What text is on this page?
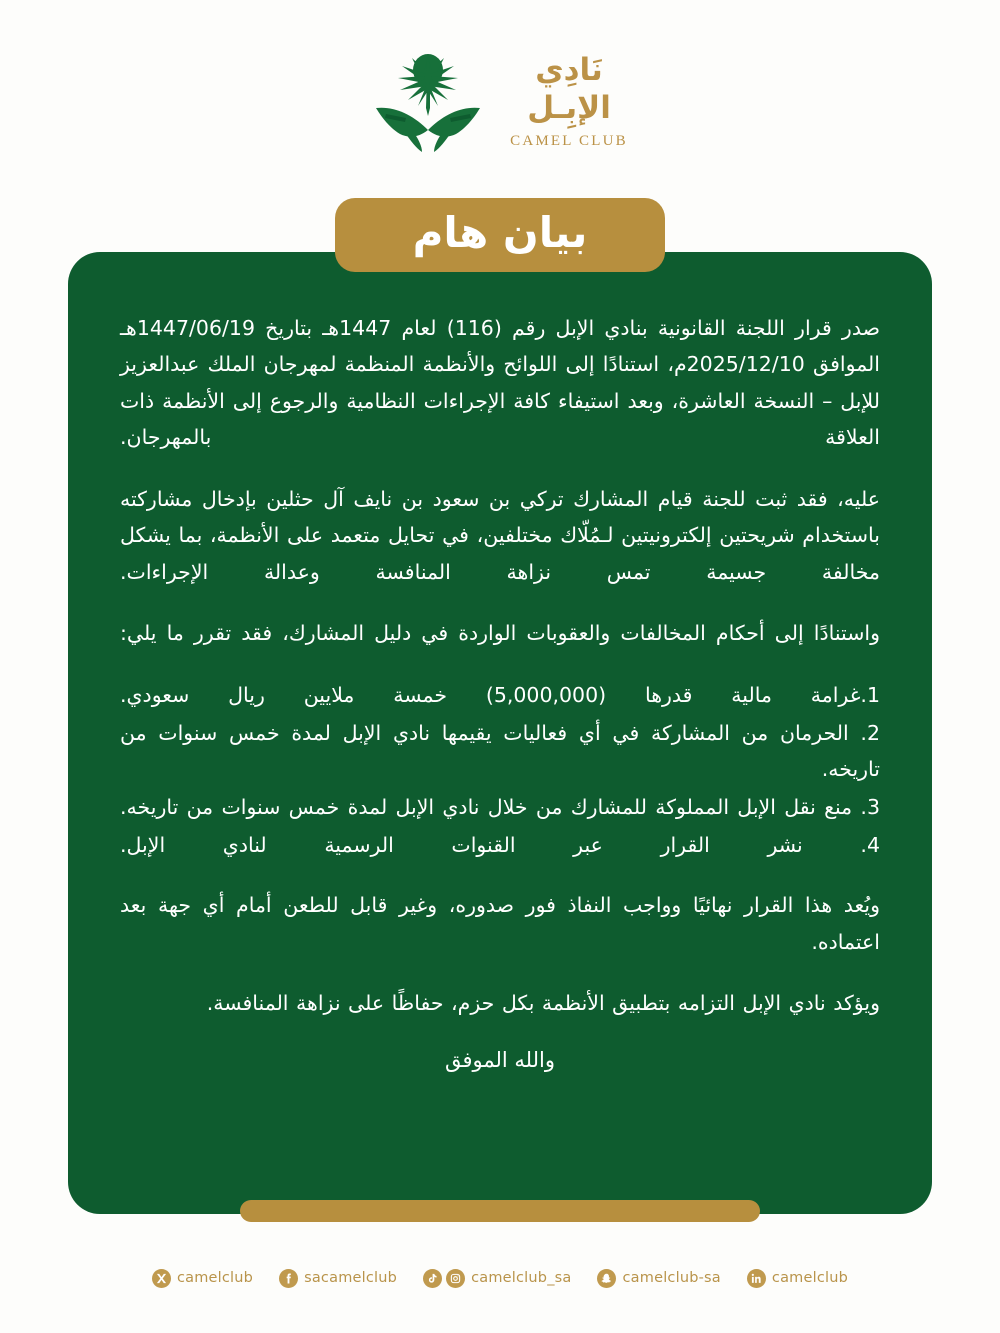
نَادِي
الإبِـل
CAMEL CLUB
بيان هام

صدر قرار اللجنة القانونية بنادي الإبل رقم (116) لعام 1447هـ بتاريخ 1447/06/19هـ الموافق 2025/12/10م، استنادًا إلى اللوائح والأنظمة المنظمة لمهرجان الملك عبدالعزيز للإبل – النسخة العاشرة، وبعد استيفاء كافة الإجراءات النظامية والرجوع إلى الأنظمة ذات العلاقة بالمهرجان.

عليه، فقد ثبت للجنة قيام المشارك تركي بن سعود بن نايف آل حثلين بإدخال مشاركته باستخدام شريحتين إلكترونيتين لـمُلّاك مختلفين، في تحايل متعمد على الأنظمة، بما يشكل مخالفة جسيمة تمس نزاهة المنافسة وعدالة الإجراءات.

واستنادًا إلى أحكام المخالفات والعقوبات الواردة في دليل المشارك، فقد تقرر ما يلي:

1.غرامة مالية قدرها (5,000,000) خمسة ملايين ريال سعودي.
2. الحرمان من المشاركة في أي فعاليات يقيمها نادي الإبل لمدة خمس سنوات من تاريخه.
3. منع نقل الإبل المملوكة للمشارك من خلال نادي الإبل لمدة خمس سنوات من تاريخه.
4. نشر القرار عبر القنوات الرسمية لنادي الإبل.

ويُعد هذا القرار نهائيًا وواجب النفاذ فور صدوره، وغير قابل للطعن أمام أي جهة بعد اعتماده.

ويؤكد نادي الإبل التزامه بتطبيق الأنظمة بكل حزم، حفاظًا على نزاهة المنافسة.

والله الموفق
camelclub	sacamelclub	camelclub_sa	camelclub-sa	camelclub
